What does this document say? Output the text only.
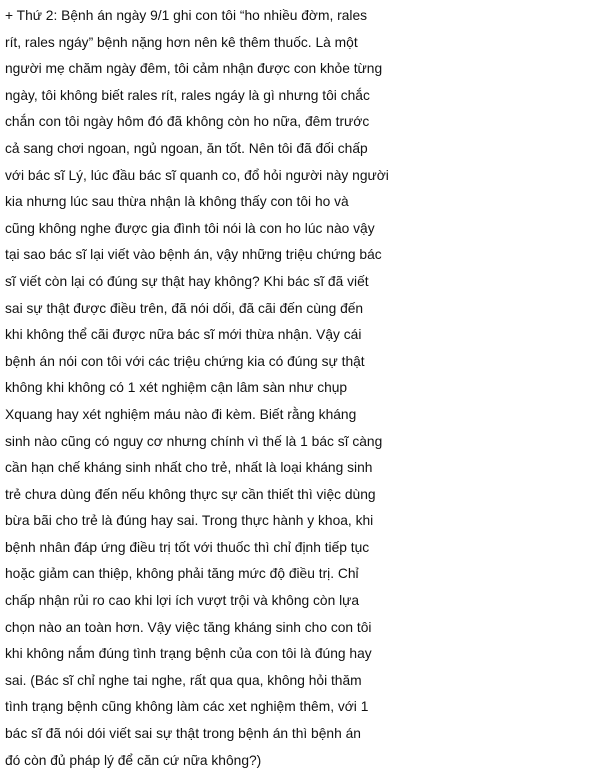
+ Thứ 2: Bệnh án ngày 9/1 ghi con tôi “ho nhiều đờm, rales
rít, rales ngáy” bệnh nặng hơn nên kê thêm thuốc. Là một
người mẹ chăm ngày đêm, tôi cảm nhận được con khỏe từng
ngày, tôi không biết rales rít, rales ngáy là gì nhưng tôi chắc
chắn con tôi ngày hôm đó đã không còn ho nữa, đêm trước
cả sang chơi ngoan, ngủ ngoan, ăn tốt. Nên tôi đã đối chấp
với bác sĩ Lý, lúc đầu bác sĩ quanh co, đổ hỏi người này người
kia nhưng lúc sau thừa nhận là không thấy con tôi ho và
cũng không nghe được gia đình tôi nói là con ho lúc nào vậy
tại sao bác sĩ lại viết vào bệnh án, vậy những triệu chứng bác
sĩ viết còn lại có đúng sự thật hay không? Khi bác sĩ đã viết
sai sự thật được điều trên, đã nói dối, đã cãi đến cùng đến
khi không thể cãi được nữa bác sĩ mới thừa nhận. Vậy cái
bệnh án nói con tôi với các triệu chứng kia có đúng sự thật
không khi không có 1 xét nghiệm cận lâm sàn như chụp
Xquang hay xét nghiệm máu nào đi kèm. Biết rằng kháng
sinh nào cũng có nguy cơ nhưng chính vì thế là 1 bác sĩ càng
cần hạn chế kháng sinh nhất cho trẻ, nhất là loại kháng sinh
trẻ chưa dùng đến nếu không thực sự cần thiết thì việc dùng
bừa bãi cho trẻ là đúng hay sai. Trong thực hành y khoa, khi
bệnh nhân đáp ứng điều trị tốt với thuốc thì chỉ định tiếp tục
hoặc giảm can thiệp, không phải tăng mức độ điều trị. Chỉ
chấp nhận rủi ro cao khi lợi ích vượt trội và không còn lựa
chọn nào an toàn hơn. Vậy việc tăng kháng sinh cho con tôi
khi không nắm đúng tình trạng bệnh của con tôi là đúng hay
sai. (Bác sĩ chỉ nghe tai nghe, rất qua qua, không hỏi thăm
tình trạng bệnh cũng không làm các xet nghiệm thêm, với 1
bác sĩ đã nói dói viết sai sự thật trong bệnh án thì bệnh án
đó còn đủ pháp lý để căn cứ nữa không?)
